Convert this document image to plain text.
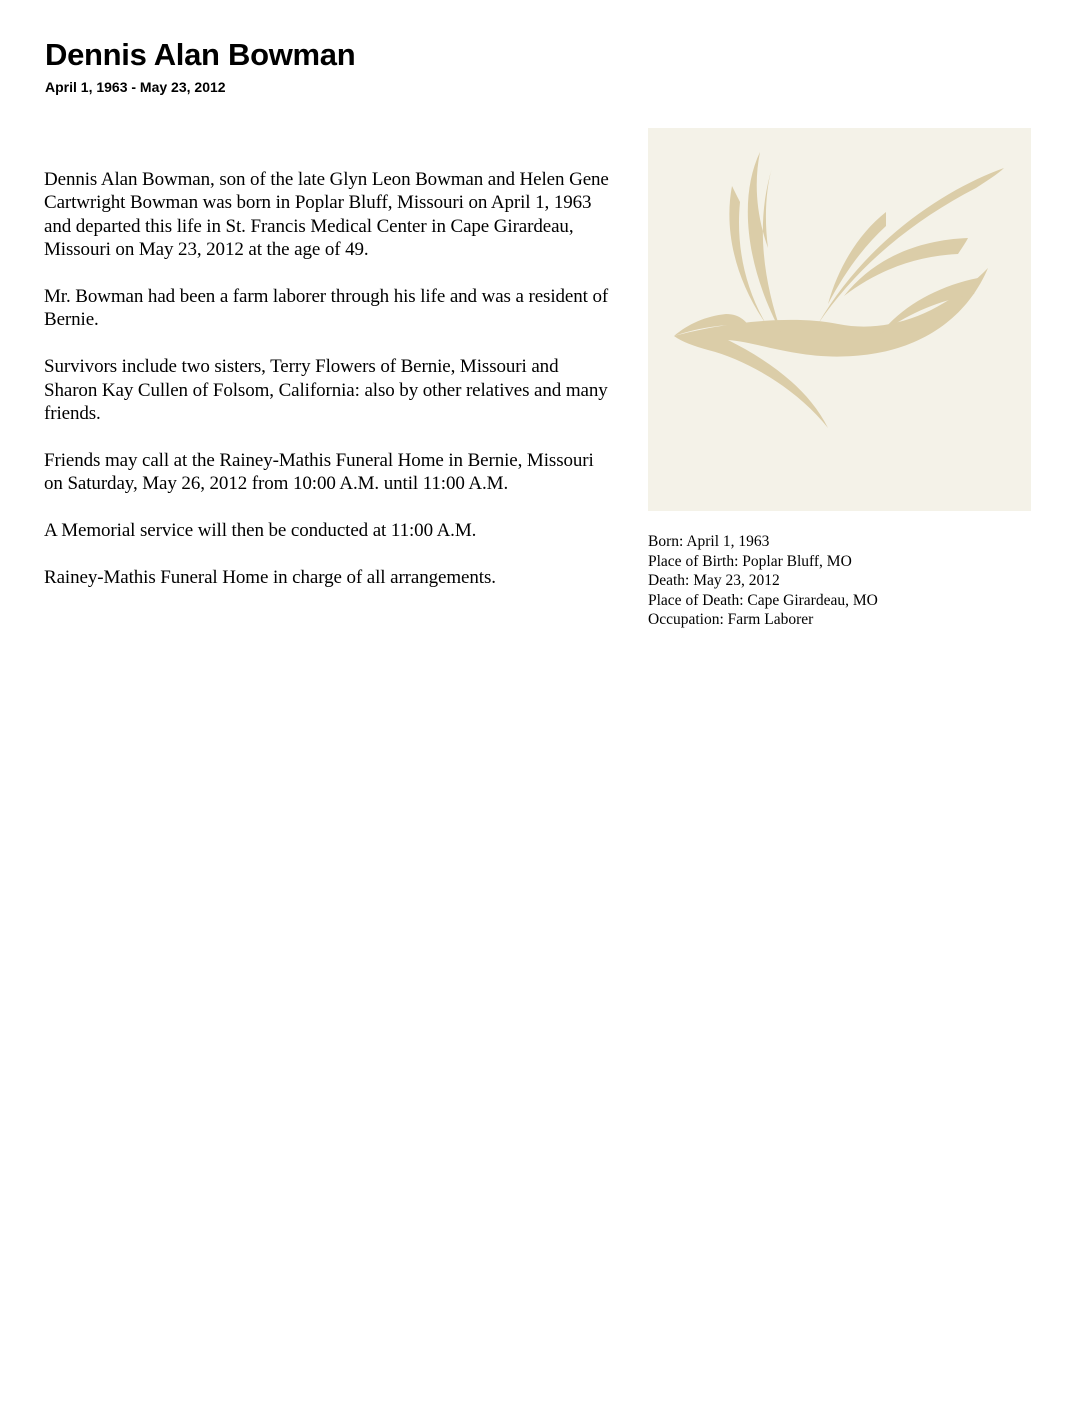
Dennis Alan Bowman
April 1, 1963 - May 23, 2012

Dennis Alan Bowman, son of the late Glyn Leon Bowman and Helen Gene Cartwright Bowman was born in Poplar Bluff, Missouri on April 1, 1963 and departed this life in St. Francis Medical Center in Cape Girardeau, Missouri on May 23, 2012 at the age of 49.

Mr. Bowman had been a farm laborer through his life and was a resident of Bernie.

Survivors include two sisters, Terry Flowers of Bernie, Missouri and Sharon Kay Cullen of Folsom, California: also by other relatives and many friends.

Friends may call at the Rainey-Mathis Funeral Home in Bernie, Missouri on Saturday, May 26, 2012 from 10:00 A.M. until 11:00 A.M.

A Memorial service will then be conducted at 11:00 A.M.

Rainey-Mathis Funeral Home in charge of all arrangements.

Born: April 1, 1963
Place of Birth: Poplar Bluff, MO
Death: May 23, 2012
Place of Death: Cape Girardeau, MO
Occupation: Farm Laborer
